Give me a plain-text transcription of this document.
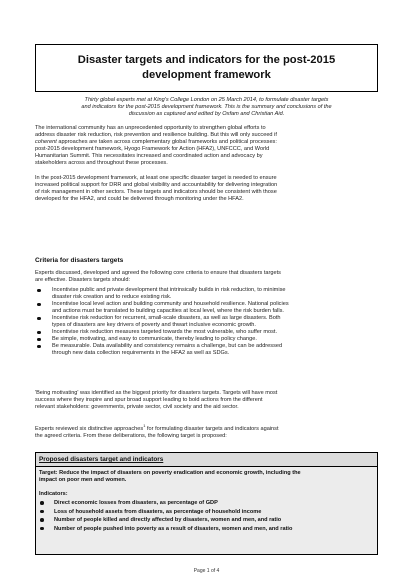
Disaster targets and indicators for the post-2015
development framework
Thirty global experts met at King's College London on 25 March 2014, to formulate disaster targets
and indicators for the post-2015 development framework. This is the summary and conclusions of the
discussion as captured and edited by Oxfam and Christian Aid.
The international community has an unprecedented opportunity to strengthen global efforts to
address disaster risk reduction, risk prevention and resilience building. But this will only succeed if
coherent approaches are taken across complementary global frameworks and political processes:
post-2015 development framework, Hyogo Framework for Action (HFA2), UNFCCC, and World
Humanitarian Summit. This necessitates increased and coordinated action and advocacy by
stakeholders across and throughout these processes.
In the post-2015 development framework, at least one specific disaster target is needed to ensure
increased political support for DRR and global visibility and accountability for delivering integration
of risk management in other sectors. These targets and indicators should be consistent with those
developed for the HFA2, and could be delivered through monitoring under the HFA2.
Criteria for disasters targets
Experts discussed, developed and agreed the following core criteria to ensure that disasters targets
are effective. Disasters targets should:
Incentivise public and private development that intrinsically builds in risk reduction, to minimise
disaster risk creation and to reduce existing risk.
Incentivise local level action and building community and household resilience. National policies
and actions must be translated to building capacities at local level, where the risk burden falls.
Incentivise risk reduction for recurrent, small-scale disasters, as well as large disasters. Both
types of disasters are key drivers of poverty and thwart inclusive economic growth.
Incentivise risk reduction measures targeted towards the most vulnerable, who suffer most.
Be simple, motivating, and easy to communicate, thereby leading to policy change.
Be measurable. Data availability and consistency remains a challenge, but can be addressed
through new data collection requirements in the HFA2 as well as SDGs.
'Being motivating' was identified as the biggest priority for disasters targets. Targets will have most
success where they inspire and spur broad support leading to bold actions from the different
relevant stakeholders: governments, private sector, civil society and the aid sector.
Experts reviewed six distinctive approaches$^1$ for formulating disaster targets and indicators against
the agreed criteria. From these deliberations, the following target is proposed:
Proposed disasters target and indicators
Target: Reduce the impact of disasters on poverty eradication and economic growth, including the
impact on poor men and women.
Indicators:
Direct economic losses from disasters, as percentage of GDP
Loss of household assets from disasters, as percentage of household income
Number of people killed and directly affected by disasters, women and men, and ratio
Number of people pushed into poverty as a result of disasters, women and men, and ratio
Page 1 of 4
